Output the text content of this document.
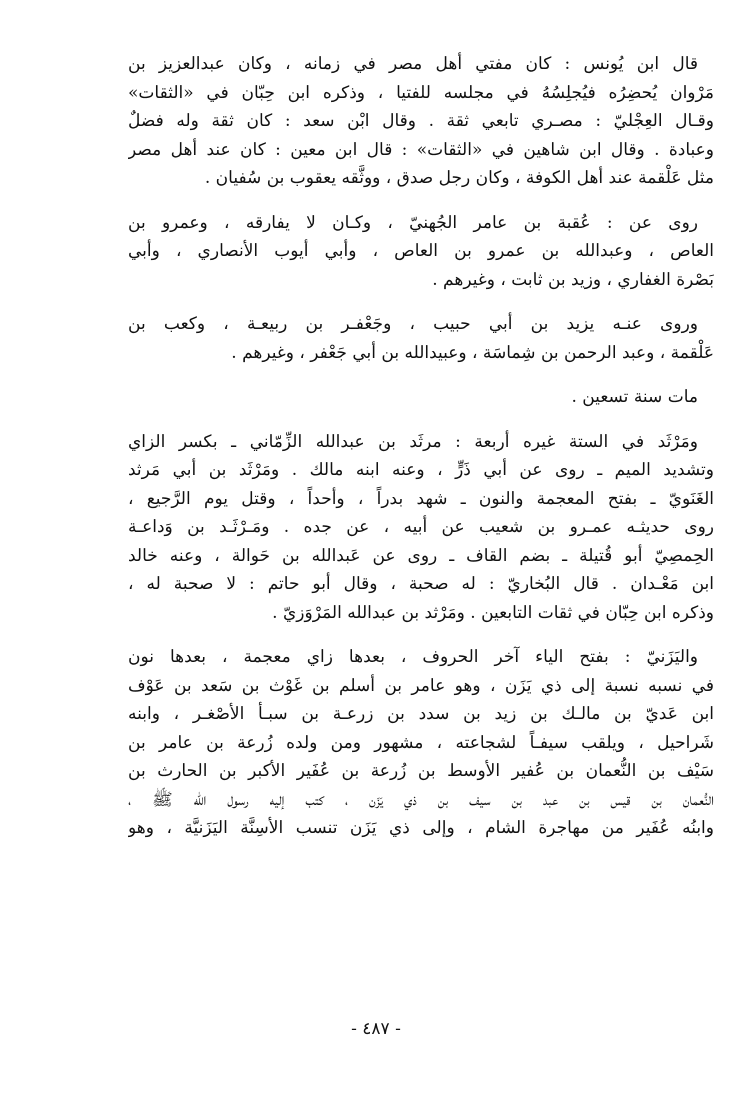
قال ابن يُونس : كان مفتي أهل مصر في زمانه ، وكان عبدالعزيز بن
مَرْوان يُحضِرُه فيُجلِسُهُ في مجلسه للفتيا ، وذكره ابن حِبّان في «الثقات»
وقـال العِجْليّ : مصـري تابعي ثقة . وقال ابْن سعد : كان ثقة وله فضلٌ
وعبادة . وقال ابن شاهين في «الثقات» : قال ابن معين : كان عند أهل مصر
مثل عَلْقمة عند أهل الكوفة ، وكان رجل صدق ، ووثَّقه يعقوب بن سُفيان .
روى عن : عُقبة بن عامر الجُهنيّ ، وكـان لا يفارقه ، وعمرو بن
العاص ، وعبدالله بن عمرو بن العاص ، وأبي أيوب الأنصاري ، وأبي
بَصْرة الغفاري ، وزيد بن ثابت ، وغيرهم .
وروى عنـه يزيد بن أبي حبيب ، وجَعْفـر بن ربيعـة ، وكعب بن
عَلْقمة ، وعبد الرحمن بن شِماسَة ، وعبيدالله بن أبي جَعْفر ، وغيرهم .
مات سنة تسعين .
ومَرْثَد في الستة غيره أربعة : مرثَد بن عبدالله الزِّمّاني ـ بكسر الزاي
وتشديد الميم ـ روى عن أبي ذَرٍّ ، وعنه ابنه مالك . ومَرْثَد بن أبي مَرثد
الغَنَويّ ـ بفتح المعجمة والنون ـ شهد بدراً ، وأحداً ، وقتل يوم الرَّجيع ،
روى حديثـه عمـرو بن شعيب عن أبيه ، عن جده . ومَـرْثَـد بن وَداعـة
الحِمصِيّ أبو قُتيلة ـ بضم القاف ـ روى عن عَبدالله بن حَوالة ، وعنه خالد
ابن مَعْـدان . قال البُخاريّ : له صحبة ، وقال أبو حاتم : لا صحبة له ،
وذكره ابن حِبّان في ثقات التابعين . ومَرْثد بن عبدالله المَرْوَزيّ .
واليَزَنيّ : بفتح الياء آخر الحروف ، بعدها زاي معجمة ، بعدها نون
في نسبه نسبة إلى ذي يَزَن ، وهو عامر بن أسلم بن غَوْث بن سَعد بن عَوْف
ابن عَديّ بن مالـك بن زيد بن سدد بن زرعـة بن سبـأ الأصْغـر ، وابنه
شَراحيل ، ويلقب سيفـاً لشجاعته ، مشهور ومن ولده زُرعة بن عامر بن
سَيْف بن النُّعمان بن عُفير الأوسط بن زُرعة بن عُفَير الأكبر بن الحارث بن
النُّعمان بن قيس بن عبد بن سيف بن ذي يَزَن ، كتب إليه رسول الله ﷺ ،
وابنُه عُفَير من مهاجرة الشام ، وإلى ذي يَزَن تنسب الأسِنَّة اليَزَنيَّة ، وهو
- ٤٨٧ -
